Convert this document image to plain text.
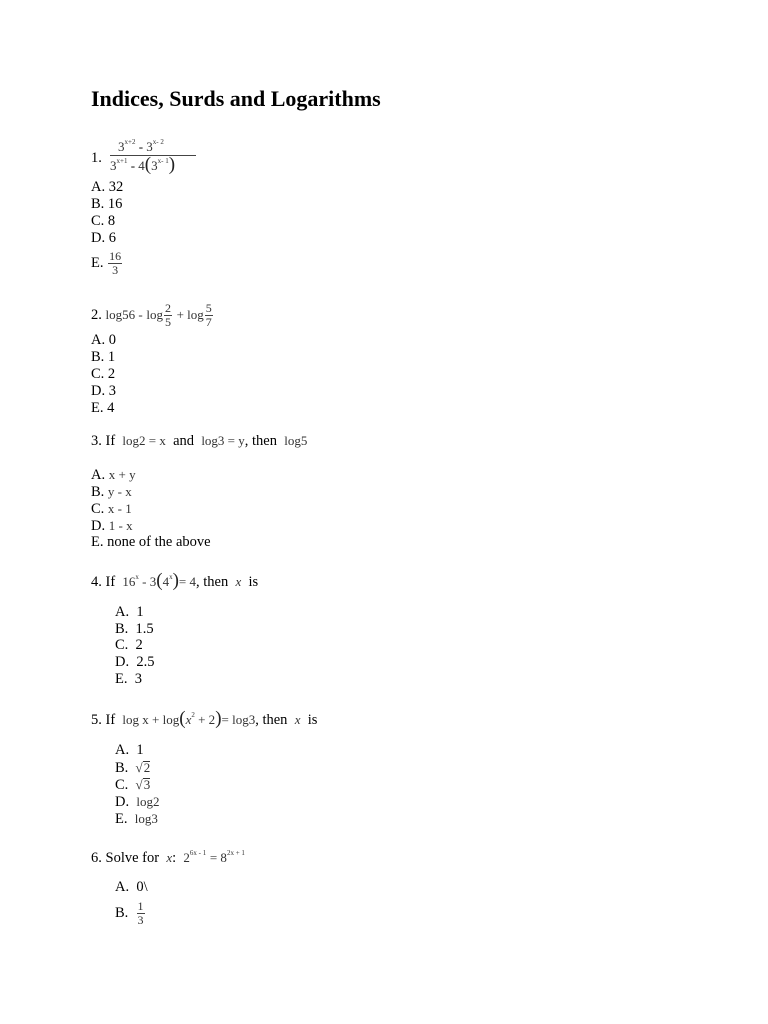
Indices, Surds and Logarithms
1.
$3^{x+2} - 3^{x- 2}$
$3^{x+1} - 4(3^{x- 1})$
A. 32
B. 16
C. 8
D. 6
E. $\frac{16}{3}$
2. $\log 56 - \log \frac{2}{5} + \log \frac{5}{7}$
A. 0
B. 1
C. 2
D. 3
E. 4
3. If log2 = x and log3 = y, then log5
A. x + y
B. y - x
C. x - 1
D. 1 - x
E. none of the above
4. If $16^x - 3(4^x)= 4$, then x is
A. 1
B. 1.5
C. 2
D. 2.5
E. 3
5. If $\log x + \log(x^2 + 2)= \log 3$, then x is
A. 1
B. √2
C. √3
D. log2
E. log3
6. Solve for x: $2^{6x - 1} = 8^{2x + 1}$
A. 0\
B. $\frac{1}{3}$
